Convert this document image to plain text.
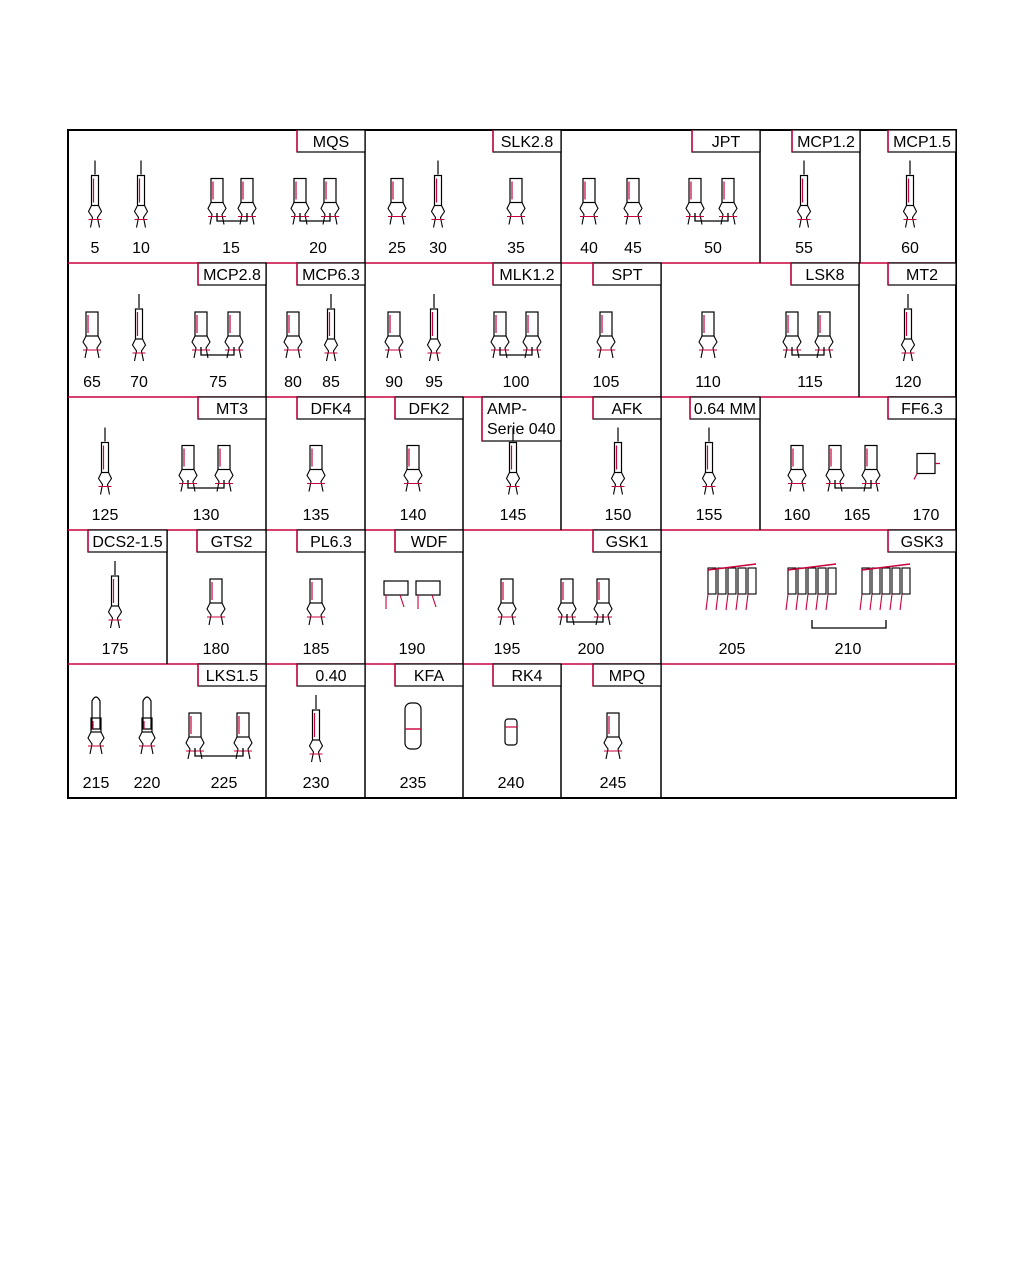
MQS
5 10	15	20
SLK2.8
25 30	35
JPT
40 45	50
MCP1.2
55
MCP1.5
60
MCP2.8
65 70	75
MCP6.3
80 85
MLK1.2
90 95	100
SPT
105
LSK8
110	115
MT2
120
MT3
125	130
DFK4
135
DFK2
140
AMP-
Serie 040
145
AFK
150
0.64 MM
155
FF6.3
160 165	170
DCS2-1.5
175
GTS2
180
PL6.3
185
WDF
190
GSK1
195	200
GSK3
205	210
LKS1.5
215 220	225
0.40
230
KFA
235
RK4
240
MPQ
245
